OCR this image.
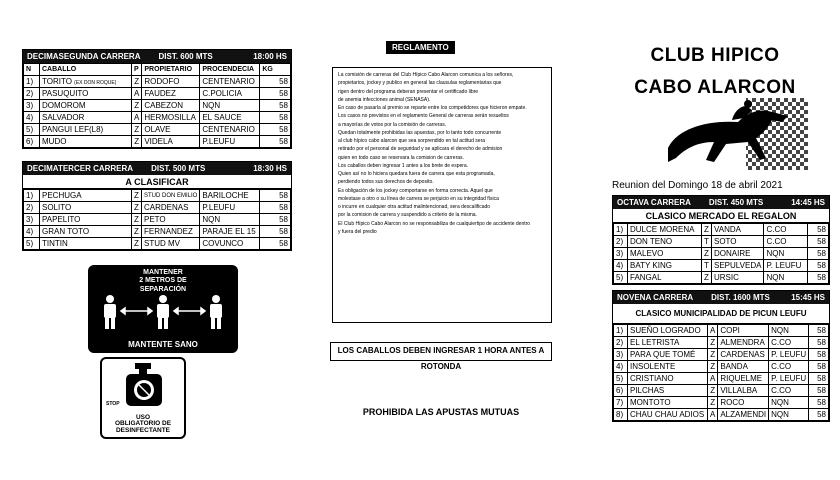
DECIMASEGUNDA CARRERA DIST. 600 MTS	18:00 HS
N	CABALLO	P	PROPIETARIO	PROCENDECIA	KG
1)	TORITO (EX DON ROQUE)	Z	RODOFO	CENTENARIO	58
2)	PASUQUITO	A	FAUDEZ	C.POLICIA	58
3)	DOMOROM	Z	CABEZON	NQN	58
4)	SALVADOR	A	HERMOSILLA	EL SAUCE	58
5)	PANGUI LEF(L8)	Z	OLAVE	CENTENARIO	58
6)	MUDO	Z	VIDELA	P.LEUFU	58
DECIMATERCER CARRERA DIST. 500 MTS	18:30 HS
A CLASIFICAR
1)	PECHUGA	Z	STUD DON EMILIO	BARILOCHE	58
2)	SOLITO	Z	CARDENAS	P.LEUFU	58
3)	PAPELITO	Z	PETO	NQN	58
4)	GRAN TOTO	Z	FERNANDEZ	PARAJE EL 15	58
5)	TINTIN	Z	STUD MV	COVUNCO	58
MANTENER
2 METROS DE
SEPARACIÓN
MANTENTE SANO
STOP
USO
OBLIGATORIO DE
DESINFECTANTE
REGLAMENTO

La comisión de carreras del Club Hípico Cabo Alarcon comunica a los señores,

propietarios, jockey y publico en general las clausulas reglamentarias que

rigen dentro del programa deberan presentar el certificado libre

de anemia infecciones animal (SENASA).

En caso de pasarla al premio se reparte entre los competidores que hicieron empate.

Los casos no previstos en el reglamento General de carreras serán resueltos

a mayorías de votos por la comisión de carreras.

Quedan totalmente prohibidas las apuestas, por lo tanto todo concurrente

al club hípico cabo alarcon que sea sorprendido en tal actitud sera

retirado por el personal de seguridad y se aplicara el derecho de admision

quien en todo caso se reservara la comision de carreras.

Los caballos deben ingresar 1 antes a los brete de espera.

Quien así no lo hiciera quedara fuera de carrera que esta programada,

perdiendo todos sus derechos de deposito.

Es obligación de los jockey comportarse en forma correcta. Aquel que

molestase a otro o su línea de carrera se perjuicio en su integridad física

o incurre en cualquier otra actitud malintencionad, sera descalificado

por la comision de carrera y suspendido a criterio de la misma.

El Club Hípico Cabo Alarcon no se responsabiliza de cualquiertipo de accidente dentro

y fuera del predio

LOS CABALLOS DEBEN INGRESAR 1 HORA ANTES A ROTONDA
PROHIBIDA LAS APUSTAS MUTUAS
CLUB HIPICO
CABO ALARCON
Reunion del Domingo 18 de abril 2021
OCTAVA CARRERA DIST. 450 MTS	14:45 HS
CLASICO MERCADO EL REGALON
1)	DULCE MORENA	Z	VANDA	C.CO	58
2)	DON TENO	T	SOTO	C.CO	58
3)	MALEVO	Z	DONAIRE	NQN	58
4)	BATY KING	T	SEPULVEDA	P. LEUFU	58
5)	FANGAL	Z	URSIC	NQN	58
NOVENA CARRERA DIST. 1600 MTS	15:45 HS
CLASICO MUNICIPALIDAD DE PICUN LEUFU
1)	SUEÑO LOGRADO	A	COPI	NQN	58
2)	EL LETRISTA	Z	ALMENDRA	C.CO	58
3)	PARA QUE TOMÉ	Z	CARDENAS	P. LEUFU	58
4)	INSOLENTE	Z	BANDA	C.CO	58
5)	CRISTIANO	A	RIQUELME	P. LEUFU	58
6)	PILCHAS	Z	VILLALBA	C.CO	58
7)	MONTOTO	Z	ROCO	NQN	58
8)	CHAU CHAU ADIOS	A	ALZAMENDI	NQN	58
